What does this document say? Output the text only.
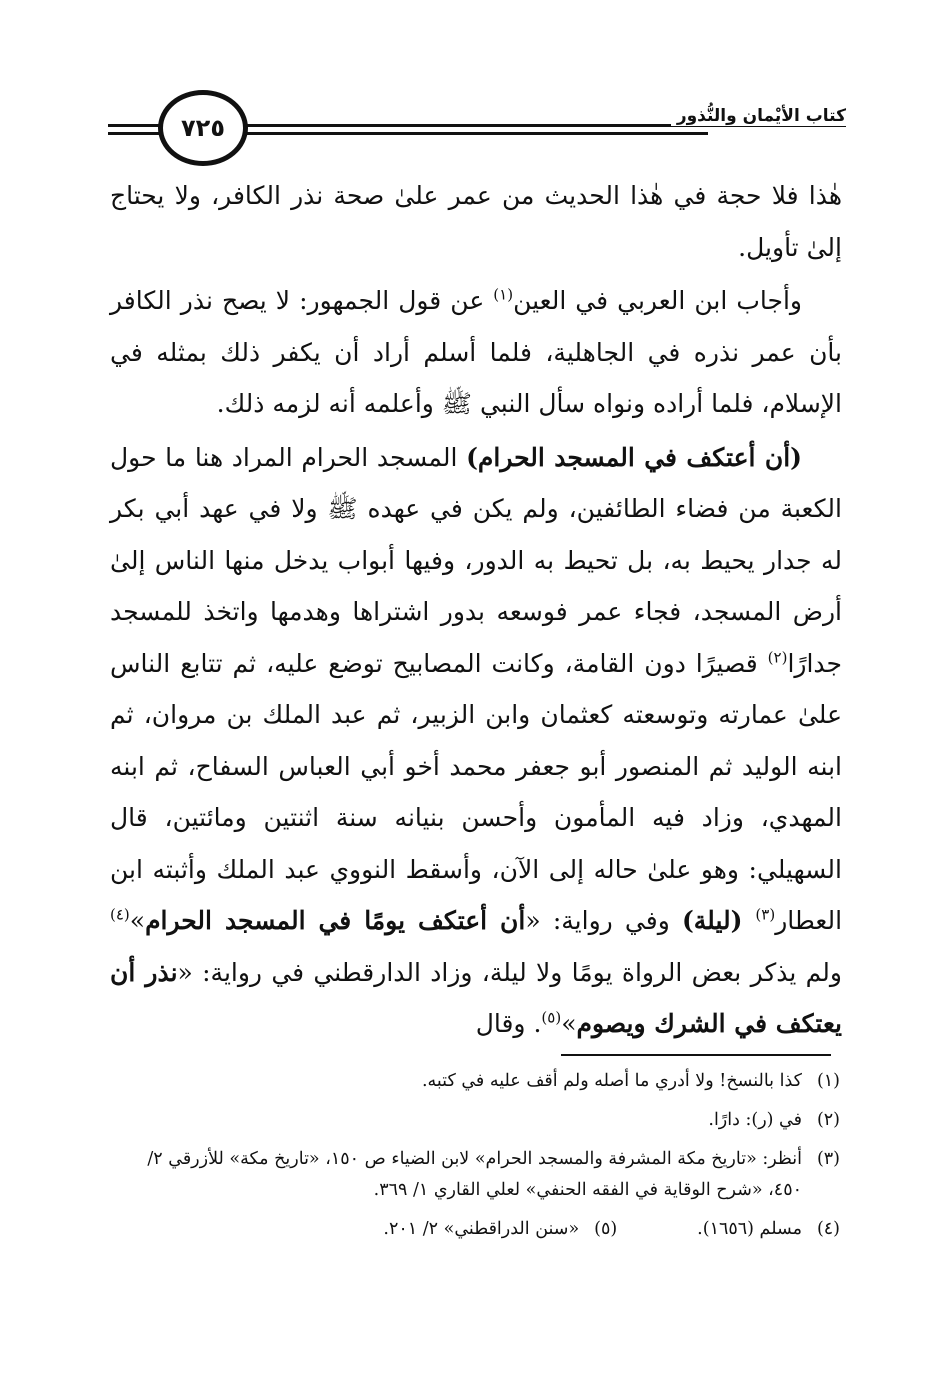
٧٢٥	كتاب الأيْمان والنُّذور

هٰذا فلا حجة في هٰذا الحديث من عمر علىٰ صحة نذر الكافر، ولا يحتاج إلىٰ تأويل.

وأجاب ابن العربي في العين$^{(١)}$ عن قول الجمهور: لا يصح نذر الكافر بأن عمر نذره في الجاهلية، فلما أسلم أراد أن يكفر ذلك بمثله في الإسلام، فلما أراده ونواه سأل النبي ﷺ وأعلمه أنه لزمه ذلك.

(أن أعتكف في المسجد الحرام) المسجد الحرام المراد هنا ما حول الكعبة من فضاء الطائفين، ولم يكن في عهده ﷺ ولا في عهد أبي بكر له جدار يحيط به، بل تحيط به الدور، وفيها أبواب يدخل منها الناس إلىٰ أرض المسجد، فجاء عمر فوسعه بدور اشتراها وهدمها واتخذ للمسجد جدارًا$^{(٢)}$ قصيرًا دون القامة، وكانت المصابيح توضع عليه، ثم تتابع الناس علىٰ عمارته وتوسعته كعثمان وابن الزبير، ثم عبد الملك بن مروان، ثم ابنه الوليد ثم المنصور أبو جعفر محمد أخو أبي العباس السفاح، ثم ابنه المهدي، وزاد فيه المأمون وأحسن بنيانه سنة اثنتين ومائتين، قال السهيلي: وهو علىٰ حاله إلى الآن، وأسقط النووي عبد الملك وأثبته ابن العطار$^{(٣)}$ (ليلة) وفي رواية: «أن أعتكف يومًا في المسجد الحرام»$^{(٤)}$ ولم يذكر بعض الرواة يومًا ولا ليلة، وزاد الدارقطني في رواية: «نذر أن يعتكف في الشرك ويصوم»$^{(٥)}$. وقال

(١)
كذا بالنسخ! ولا أدري ما أصله ولم أقف عليه في كتبه.
(٢)
في (ر): دارًا.
(٣)
أنظر: «تاريخ مكة المشرفة والمسجد الحرام» لابن الضياء ص ١٥٠، «تاريخ مكة» للأزرقي ٢/ ٤٥٠، «شرح الوقاية في الفقه الحنفي» لعلي القاري ١/ ٣٦٩.
(٤)
مسلم (١٦٥٦).
(٥)
«سنن الدراقطني» ٢/ ٢٠١.
